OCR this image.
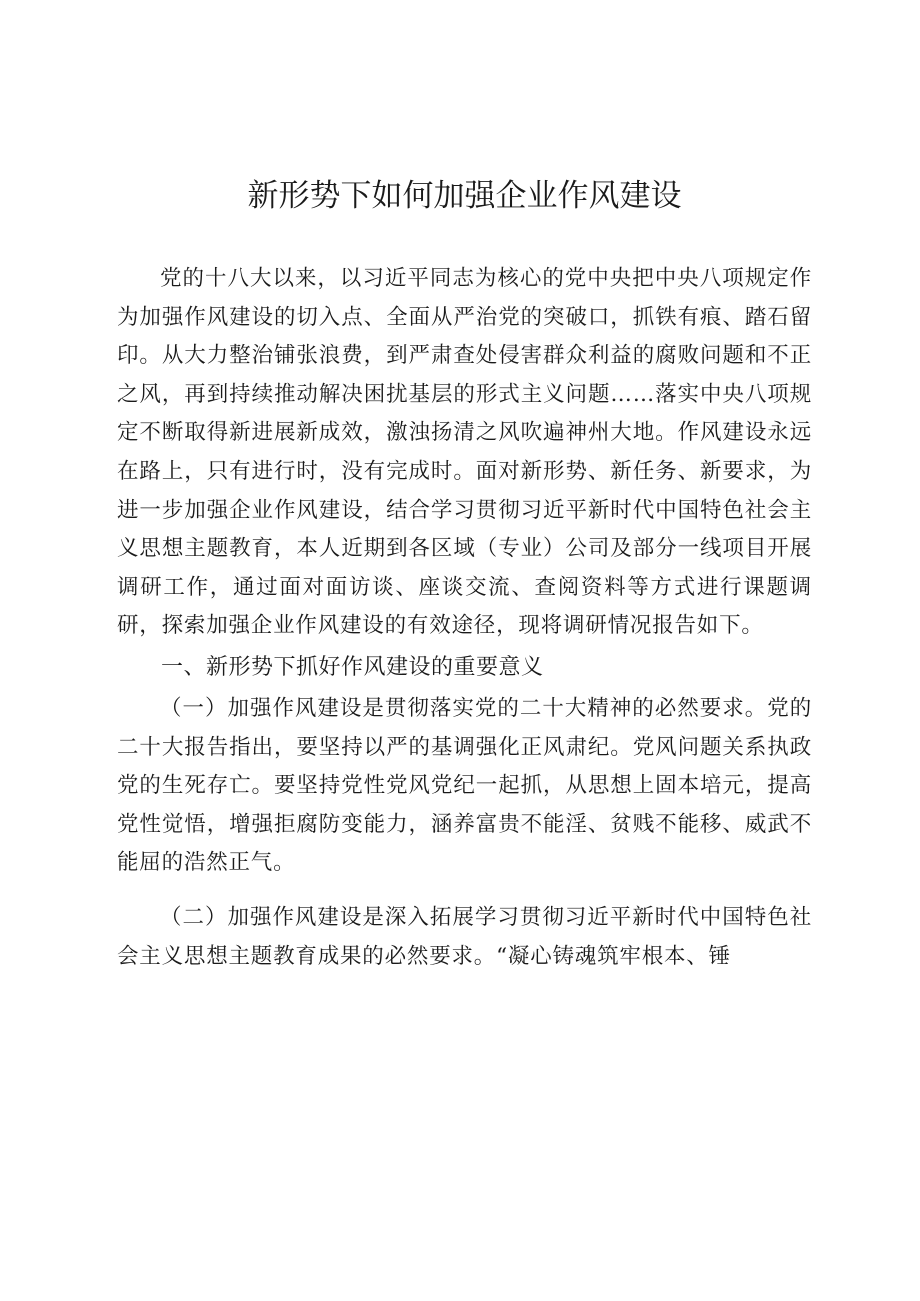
新形势下如何加强企业作风建设

党的十八大以来，以习近平同志为核心的党中央把中央八项规定作为加强作风建设的切入点、全面从严治党的突破口，抓铁有痕、踏石留印。从大力整治铺张浪费，到严肃查处侵害群众利益的腐败问题和不正之风，再到持续推动解决困扰基层的形式主义问题……落实中央八项规定不断取得新进展新成效，激浊扬清之风吹遍神州大地。作风建设永远在路上，只有进行时，没有完成时。面对新形势、新任务、新要求，为进一步加强企业作风建设，结合学习贯彻习近平新时代中国特色社会主义思想主题教育，本人近期到各区域（专业）公司及部分一线项目开展调研工作，通过面对面访谈、座谈交流、查阅资料等方式进行课题调研，探索加强企业作风建设的有效途径，现将调研情况报告如下。

一、新形势下抓好作风建设的重要意义

（一）加强作风建设是贯彻落实党的二十大精神的必然要求。党的二十大报告指出，要坚持以严的基调强化正风肃纪。党风问题关系执政党的生死存亡。要坚持党性党风党纪一起抓，从思想上固本培元，提高党性觉悟，增强拒腐防变能力，涵养富贵不能淫、贫贱不能移、威武不能屈的浩然正气。

（二）加强作风建设是深入拓展学习贯彻习近平新时代中国特色社会主义思想主题教育成果的必然要求。“凝心铸魂筑牢根本、锤
